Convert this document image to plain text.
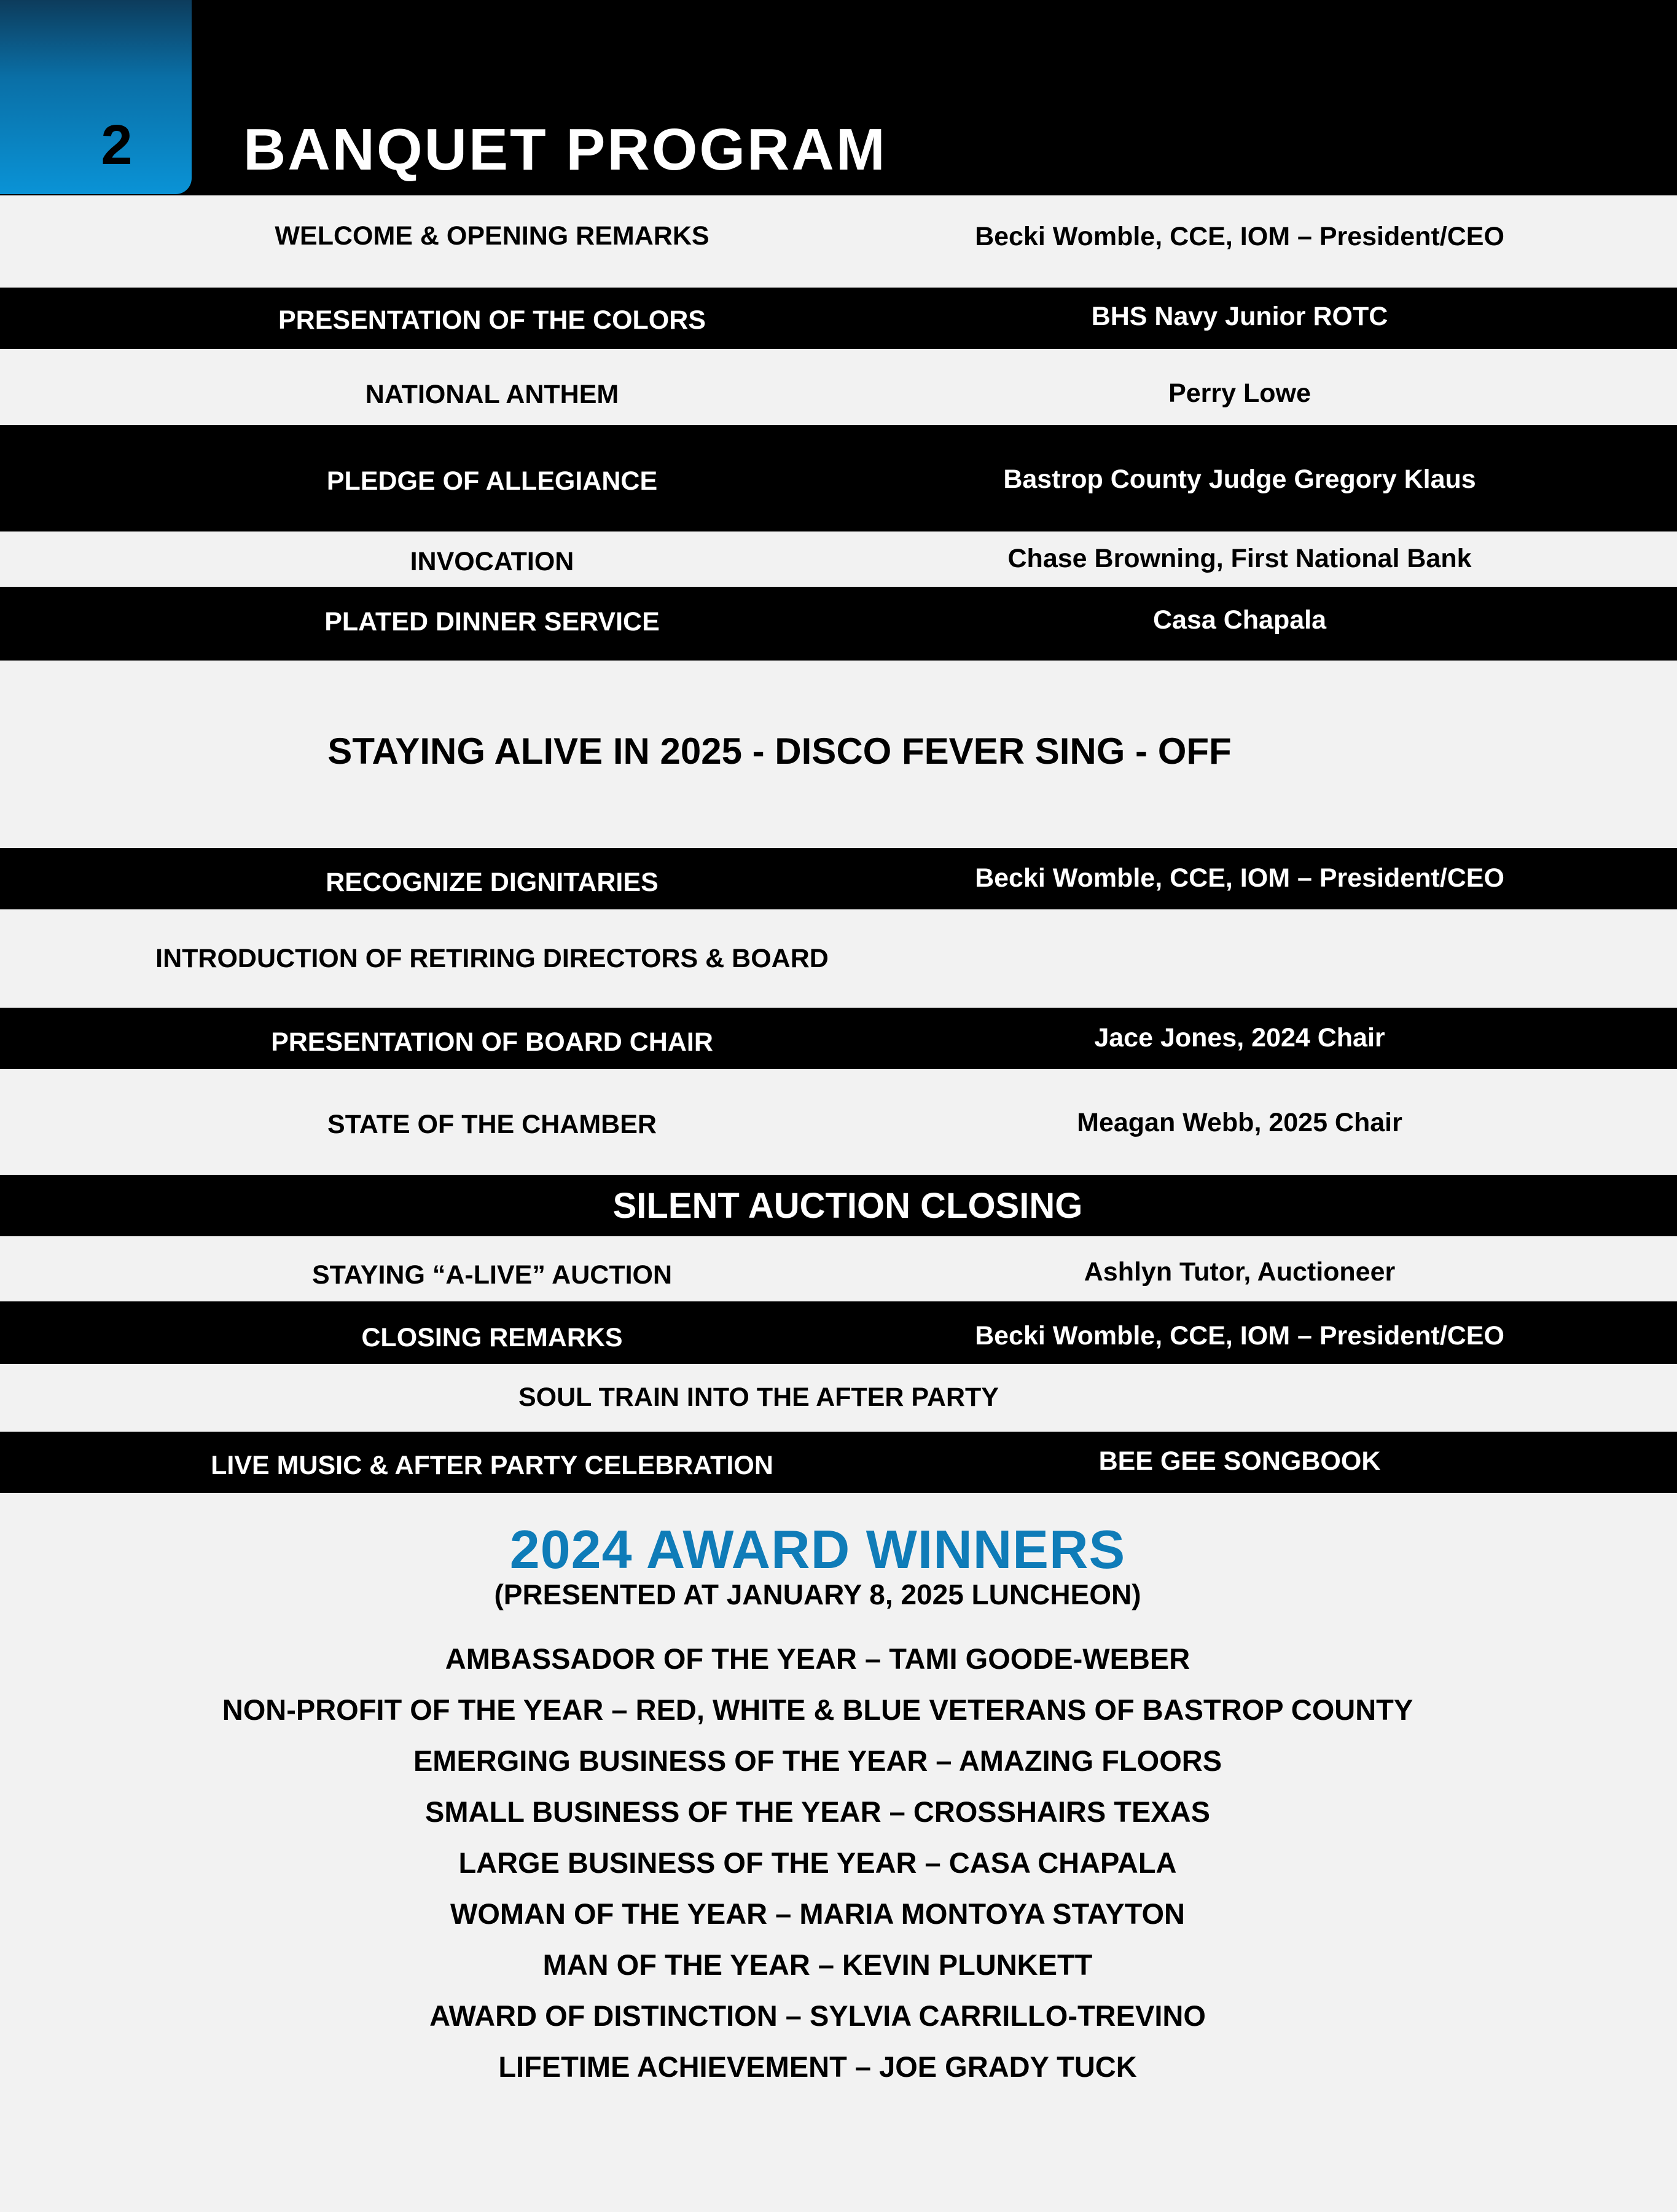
2	BANQUET PROGRAM
WELCOME & OPENING REMARKS	Becki Womble, CCE, IOM – President/CEO
PRESENTATION OF THE COLORS	BHS Navy Junior ROTC
NATIONAL ANTHEM	Perry Lowe
PLEDGE OF ALLEGIANCE	Bastrop County Judge Gregory Klaus
INVOCATION	Chase Browning, First National Bank
PLATED DINNER SERVICE	Casa Chapala
STAYING ALIVE IN 2025 - DISCO FEVER SING - OFF
RECOGNIZE DIGNITARIES	Becki Womble, CCE, IOM – President/CEO
INTRODUCTION OF RETIRING DIRECTORS & BOARD
PRESENTATION OF BOARD CHAIR	Jace Jones, 2024 Chair
STATE OF THE CHAMBER	Meagan Webb, 2025 Chair
SILENT AUCTION CLOSING
STAYING “A-LIVE” AUCTION	Ashlyn Tutor, Auctioneer
CLOSING REMARKS	Becki Womble, CCE, IOM – President/CEO
SOUL TRAIN INTO THE AFTER PARTY
LIVE MUSIC & AFTER PARTY CELEBRATION	BEE GEE SONGBOOK
2024 AWARD WINNERS
(PRESENTED AT JANUARY 8, 2025 LUNCHEON)
AMBASSADOR OF THE YEAR – TAMI GOODE-WEBER
NON-PROFIT OF THE YEAR – RED, WHITE & BLUE VETERANS OF BASTROP COUNTY
EMERGING BUSINESS OF THE YEAR – AMAZING FLOORS
SMALL BUSINESS OF THE YEAR – CROSSHAIRS TEXAS
LARGE BUSINESS OF THE YEAR – CASA CHAPALA
WOMAN OF THE YEAR – MARIA MONTOYA STAYTON
MAN OF THE YEAR – KEVIN PLUNKETT
AWARD OF DISTINCTION – SYLVIA CARRILLO-TREVINO
LIFETIME ACHIEVEMENT – JOE GRADY TUCK
